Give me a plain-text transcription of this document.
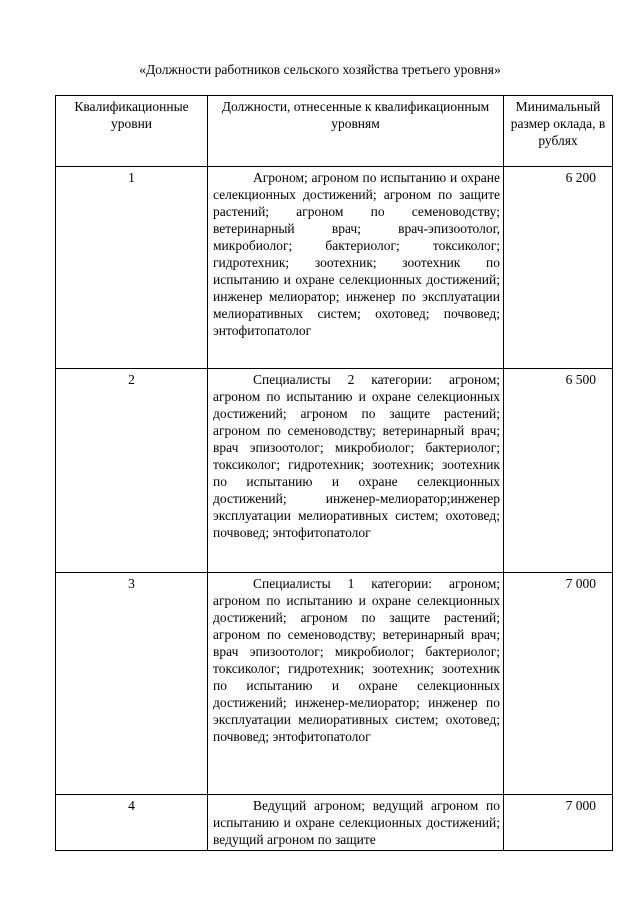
«Должности работников сельского хозяйства третьего уровня»
Квалификационные уровни	Должности, отнесенные к квалификационным уровням	Минимальный размер оклада, в рублях

1	Агроном; агроном по испытанию и охране селекционных достижений; агроном по защите растений; агроном по семеноводству; ветеринарный врач; врач-эпизоотолог, микробиолог; бактериолог; токсиколог; гидротехник; зоотехник; зоотехник по испытанию и охране селекционных достижений; инженер мелиоратор; инженер по эксплуатации мелиоративных систем; охотовед; почвовед; энтофитопатолог	6 200
2	Специалисты 2 категории: агроном; агроном по испытанию и охране селекционных достижений; агроном по защите растений; агроном по семеноводству; ветеринарный врач; врач эпизоотолог; микробиолог; бактериолог; токсиколог; гидротехник; зоотехник; зоотехник по испытанию и охране селекционных достижений; инженер-мелиоратор;инженер эксплуатации мелиоративных систем; охотовед; почвовед; энтофитопатолог	6 500
3	Специалисты 1 категории: агроном; агроном по испытанию и охране селекционных достижений; агроном по защите растений; агроном по семеноводству; ветеринарный врач; врач эпизоотолог; микробиолог; бактериолог; токсиколог; гидротехник; зоотехник; зоотехник по испытанию и охране селекционных достижений; инженер-мелиоратор; инженер по эксплуатации мелиоративных систем; охотовед; почвовед; энтофитопатолог	7 000
4	Ведущий агроном; ведущий агроном по испытанию и охране селекционных достижений; ведущий агроном по защите	7 000
